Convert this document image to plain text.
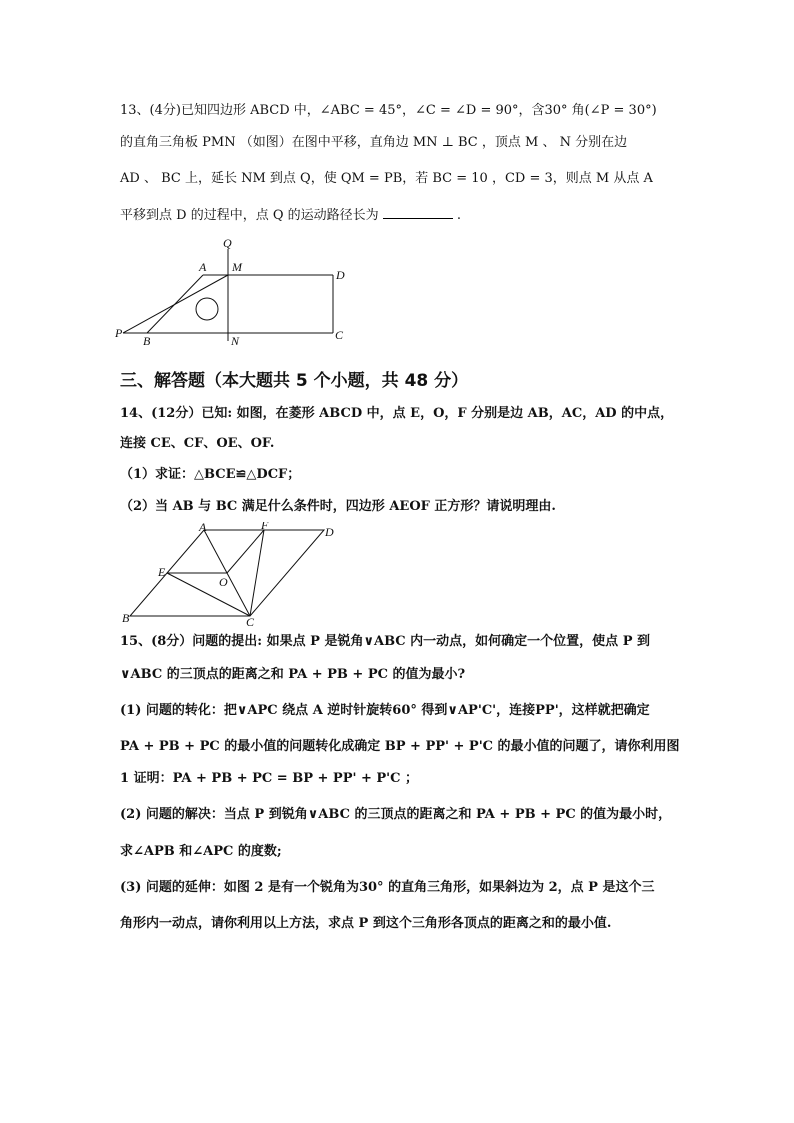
13、(4分)已知四边形 ABCD 中，∠ABC = 45°，∠C = ∠D = 90°，含30° 角(∠P = 30°)
的直角三角板 PMN （如图）在图中平移，直角边 MN ⊥ BC ，顶点 M 、 N 分别在边
AD 、 BC 上，延长 NM 到点 Q，使 QM = PB，若 BC = 10 ，CD = 3，则点 M 从点 A
平移到点 D 的过程中，点 Q 的运动路径长为	.
Q
A M
D
P
B	N	C
三、解答题（本大题共 5 个小题，共 48 分）
14、(12分）已知: 如图，在菱形 ABCD 中，点 E，O，F 分别是边 AB，AC，AD 的中点，
连接 CE、CF、OE、OF.
（1）求证：△BCE≌△DCF；
（2）当 AB 与 BC 满足什么条件时，四边形 AEOF 正方形？请说明理由.
A	F	D
E
O
B	C
15、(8分）问题的提出: 如果点 P 是锐角∨ABC 内一动点，如何确定一个位置，使点 P 到
∨ABC 的三顶点的距离之和 PA + PB + PC 的值为最小?
(1) 问题的转化：把∨APC 绕点 A 逆时针旋转60° 得到∨AP'C'，连接PP'，这样就把确定
PA + PB + PC 的最小值的问题转化成确定 BP + PP' + P'C 的最小值的问题了，请你利用图
1 证明：PA + PB + PC = BP + PP' + P'C ；
(2) 问题的解决：当点 P 到锐角∨ABC 的三顶点的距离之和 PA + PB + PC 的值为最小时，
求∠APB 和∠APC 的度数;
(3) 问题的延伸：如图 2 是有一个锐角为30° 的直角三角形，如果斜边为 2，点 P 是这个三
角形内一动点，请你利用以上方法，求点 P 到这个三角形各顶点的距离之和的最小值.
